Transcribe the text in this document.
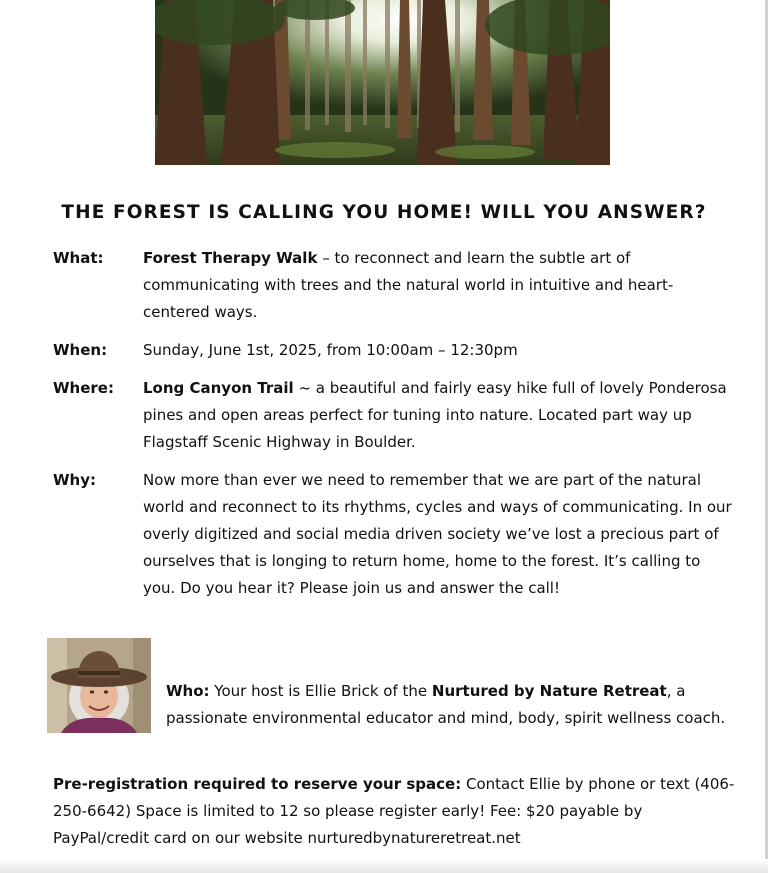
THE FOREST IS CALLING YOU HOME! WILL YOU ANSWER?
What:	Forest Therapy Walk – to reconnect and learn the subtle art of communicating with trees and the natural world in intuitive and heart-centered ways.
When:	Sunday, June 1st, 2025, from 10:00am – 12:30pm
Where:	Long Canyon Trail ~ a beautiful and fairly easy hike full of lovely Ponderosa pines and open areas perfect for tuning into nature. Located part way up Flagstaff Scenic Highway in Boulder.
Why:	Now more than ever we need to remember that we are part of the natural world and reconnect to its rhythms, cycles and ways of communicating. In our overly digitized and social media driven society we’ve lost a precious part of ourselves that is longing to return home, home to the forest. It’s calling to you. Do you hear it? Please join us and answer the call!
Who: Your host is Ellie Brick of the Nurtured by Nature Retreat, a passionate environmental educator and mind, body, spirit wellness coach.
Pre-registration required to reserve your space: Contact Ellie by phone or text (406-250-6642) Space is limited to 12 so please register early! Fee: $20 payable by PayPal/credit card on our website nurturedbynatureretreat.net
